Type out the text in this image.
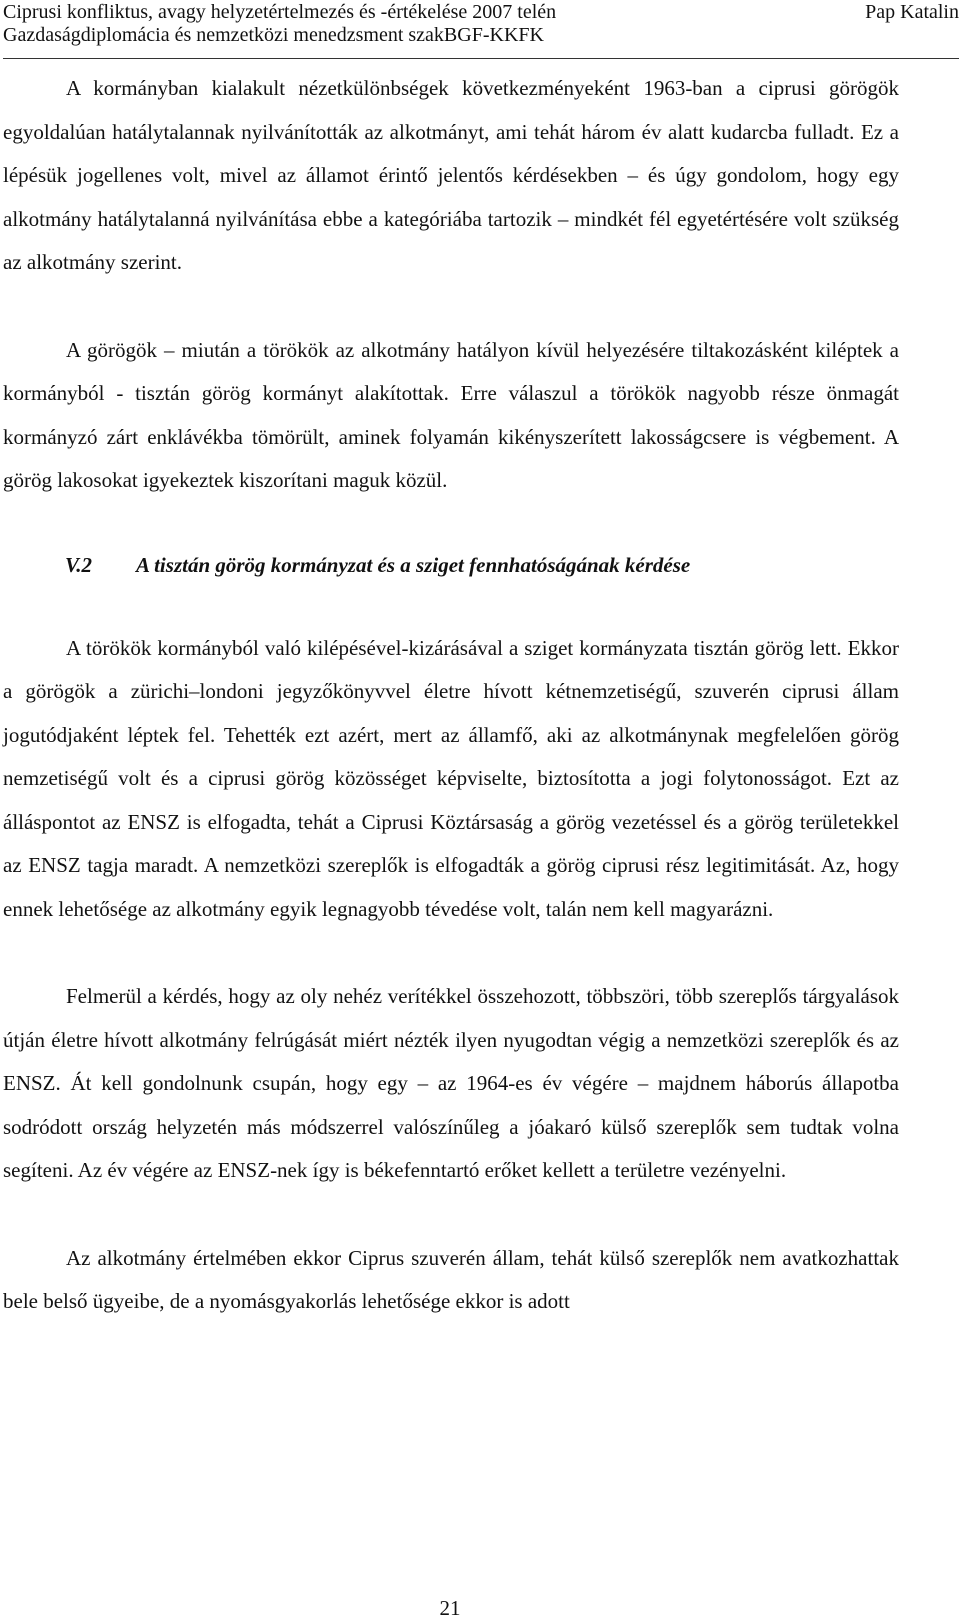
Ciprusi konfliktus, avagy helyzetértelmezés és -értékelése 2007 telén
Gazdaságdiplomácia és nemzetközi menedzsment szakBGF-KKFK
Pap Katalin

A kormányban kialakult nézetkülönbségek következményeként 1963-ban a ciprusi görögök egyoldalúan hatálytalannak nyilvánították az alkotmányt, ami tehát három év alatt kudarcba fulladt. Ez a lépésük jogellenes volt, mivel az államot érintő jelentős kérdésekben – és úgy gondolom, hogy egy alkotmány hatálytalanná nyilvánítása ebbe a kategóriába tartozik – mindkét fél egyetértésére volt szükség az alkotmány szerint.

A görögök – miután a törökök az alkotmány hatályon kívül helyezésére tiltakozásként kiléptek a kormányból - tisztán görög kormányt alakítottak. Erre válaszul a törökök nagyobb része önmagát kormányzó zárt enklávékba tömörült, aminek folyamán kikényszerített lakosságcsere is végbement. A görög lakosokat igyekeztek kiszorítani maguk közül.

V.2 A tisztán görög kormányzat és a sziget fennhatóságának kérdése

A törökök kormányból való kilépésével-kizárásával a sziget kormányzata tisztán görög lett. Ekkor a görögök a zürichi–londoni jegyzőkönyvvel életre hívott kétnemzetiségű, szuverén ciprusi állam jogutódjaként léptek fel. Tehették ezt azért, mert az államfő, aki az alkotmánynak megfelelően görög nemzetiségű volt és a ciprusi görög közösséget képviselte, biztosította a jogi folytonosságot. Ezt az álláspontot az ENSZ is elfogadta, tehát a Ciprusi Köztársaság a görög vezetéssel és a görög területekkel az ENSZ tagja maradt. A nemzetközi szereplők is elfogadták a görög ciprusi rész legitimitását. Az, hogy ennek lehetősége az alkotmány egyik legnagyobb tévedése volt, talán nem kell magyarázni.

Felmerül a kérdés, hogy az oly nehéz verítékkel összehozott, többszöri, több szereplős tárgyalások útján életre hívott alkotmány felrúgását miért nézték ilyen nyugodtan végig a nemzetközi szereplők és az ENSZ. Át kell gondolnunk csupán, hogy egy – az 1964-es év végére – majdnem háborús állapotba sodródott ország helyzetén más módszerrel valószínűleg a jóakaró külső szereplők sem tudtak volna segíteni. Az év végére az ENSZ-nek így is békefenntartó erőket kellett a területre vezényelni.

Az alkotmány értelmében ekkor Ciprus szuverén állam, tehát külső szereplők nem avatkozhattak bele belső ügyeibe, de a nyomásgyakorlás lehetősége ekkor is adott

21
